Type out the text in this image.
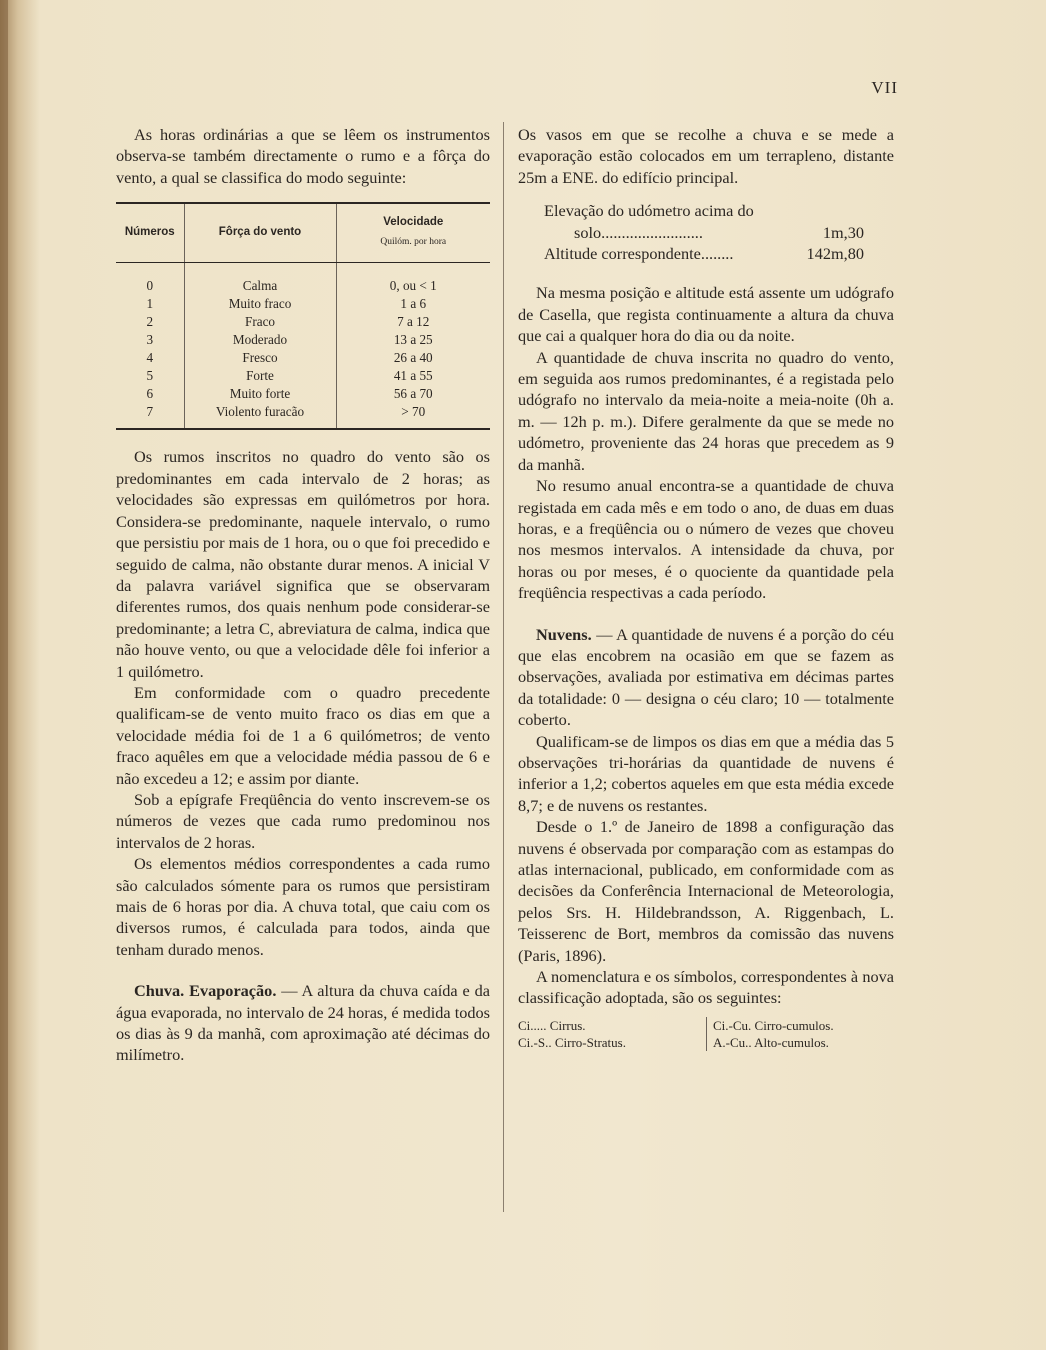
VII

As horas ordinárias a que se lêem os instrumentos observa-se também directamente o rumo e a fôrça do vento, a qual se classifica do modo seguinte:

Números	Fôrça do vento	Velocidade
Quilóm. por hora

0	Calma	0, ou < 1
1	Muito fraco	1 a 6
2	Fraco	7 a 12
3	Moderado	13 a 25
4	Fresco	26 a 40
5	Forte	41 a 55
6	Muito forte	56 a 70
7	Violento furacão	> 70

Os rumos inscritos no quadro do vento são os predominantes em cada intervalo de 2 horas; as velocidades são expressas em quilómetros por hora. Considera-se predominante, naquele intervalo, o rumo que persistiu por mais de 1 hora, ou o que foi precedido e seguido de calma, não obstante durar menos. A inicial V da palavra variável significa que se observaram diferentes rumos, dos quais nenhum pode considerar-se predominante; a letra C, abreviatura de calma, indica que não houve vento, ou que a velocidade dêle foi inferior a 1 quilómetro.

Em conformidade com o quadro precedente qualificam-se de vento muito fraco os dias em que a velocidade média foi de 1 a 6 quilómetros; de vento fraco aquêles em que a velocidade média passou de 6 e não excedeu a 12; e assim por diante.

Sob a epígrafe Freqüência do vento inscrevem-se os números de vezes que cada rumo predominou nos intervalos de 2 horas.

Os elementos médios correspondentes a cada rumo são calculados sómente para os rumos que persistiram mais de 6 horas por dia. A chuva total, que caiu com os diversos rumos, é calculada para todos, ainda que tenham durado menos.

Chuva. Evaporação. — A altura da chuva caída e da água evaporada, no intervalo de 24 horas, é medida todos os dias às 9 da manhã, com aproximação até décimas do milímetro.

Os vasos em que se recolhe a chuva e se mede a evaporação estão colocados em um terrapleno, distante 25m a ENE. do edifício principal.

Elevação do udómetro acima do
solo.........................	1m,30
Altitude correspondente........	142m,80

Na mesma posição e altitude está assente um udógrafo de Casella, que regista continuamente a altura da chuva que cai a qualquer hora do dia ou da noite.

A quantidade de chuva inscrita no quadro do vento, em seguida aos rumos predominantes, é a registada pelo udógrafo no intervalo da meia-noite a meia-noite (0h a. m. — 12h p. m.). Difere geralmente da que se mede no udómetro, proveniente das 24 horas que precedem as 9 da manhã.

No resumo anual encontra-se a quantidade de chuva registada em cada mês e em todo o ano, de duas em duas horas, e a freqüência ou o número de vezes que choveu nos mesmos intervalos. A intensidade da chuva, por horas ou por meses, é o quociente da quantidade pela freqüência respectivas a cada período.

Nuvens. — A quantidade de nuvens é a porção do céu que elas encobrem na ocasião em que se fazem as observações, avaliada por estimativa em décimas partes da totalidade: 0 — designa o céu claro; 10 — totalmente coberto.

Qualificam-se de limpos os dias em que a média das 5 observações tri-horárias da quantidade de nuvens é inferior a 1,2; cobertos aqueles em que esta média excede 8,7; e de nuvens os restantes.

Desde o 1.º de Janeiro de 1898 a configuração das nuvens é observada por comparação com as estampas do atlas internacional, publicado, em conformidade com as decisões da Conferência Internacional de Meteorologia, pelos Srs. H. Hildebrandsson, A. Riggenbach, L. Teisserenc de Bort, membros da comissão das nuvens (Paris, 1896).

A nomenclatura e os símbolos, correspondentes à nova classificação adoptada, são os seguintes:

Ci..... Cirrus.
Ci.-S.. Cirro-Stratus.
Ci.-Cu. Cirro-cumulos.
A.-Cu.. Alto-cumulos.
